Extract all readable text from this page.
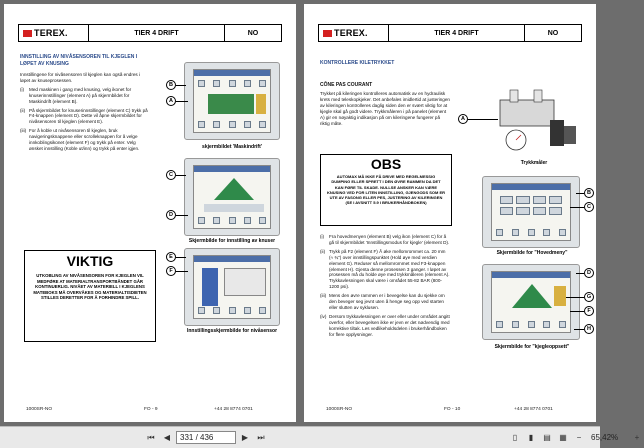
TEREX.	TIER 4 DRIFT	NO
INNSTILLING AV NIVÅSENSOREN TIL KJEGLEN I LØPET AV KNUSING

Innstillingene for nivåsensoren til kjeglen kan også endres i løpet av knuseprosessen.

(i)	Med maskinen i gang med knusing, velg ikonet for knuserinnstillinger (element A) på skjermbildet for Maskindrift (element B).
(ii) På skjermbildet for knuserinnstillinger (element C) trykk på F4-knappen (element D). Dette vil åpne skjermbildet for nivåsensoren til kjeglen (element E).
(iii) For å koble ut nivåsensoren til kjeglen, bruk navigeringsknappene eller scrolleknappen for å velge innkoblingsikonet (element F) og trykk på enter. Velg ønsket innstilling (Koble ut/inn) og trykk på enter igjen.
B
A
skjermbildet 'Maskindrift'
C
D
Skjermbilde for innstilling av knuser
E
F
Innstillingsskjermbilde for nivåsensor
VIKTIG
UTKOBLING AV NIVÅSENSOREN FOR KJEGLEN VIL MEDFØRE AT MATERIALTRANSPORTBÅNDET GÅR KONTINUERLIG. NIVÅET AV MATERIELL I KJEGLENS MATEBOKS MÅ OVERVÅKES OG MATERIALTISDIETEN STILLES DERETTER FOR Å FORHINDRE SPILL.
1000SR-NO	FO - 9	+44 28 8774 0701
TEREX.	TIER 4 DRIFT	NO
KONTROLLERE KILETRYKKET
CÔNE PAS COURANT
Trykket på kileringen kontrolleres automatisk av en hydraulisk krets med teleskopkjeker. Det anbefales imidlertid at justeringen av kileringen kontrolleres daglig siden den er svært viktig for at kjegle skal gå godt videre. Trykkmåleren i på panelet (element A) gir en nøyaktig indikasjon på om kileringene fungerer på riktig måte.
OBS
AUTOMAX MÅ IKKE FÅ DRIVE MED REGELMESSIG DUMPING ELLER SPRETT I DEN ØVRE RAMMEN DA DET KAN FØRE TIL SKADE. NULLSE ANSKER KAN VÆRE KNUSING VED FOR LITEN INNSTILLING, GJENGODS SOM ER UTE AV FASONG ELLER PES, JUSTERING AV KILERINGEN (SE I AVSNITT 5.9 I BRUKERHÅNDBOKEN)
(i)	Fra hovedmenyen (element B) velg ikon (element C) for å gå til skjermbildet 'Innstillingsmodus for kjegle' (element D).
(ii) Trykk på F2 (element F) Å øke mellomrommet ca. 20 mm (≈ ¾") over innstillingspunktet (Hold øye med verdien element G). Reduser så mellomrommet med F3-knappen (element H). Gjenta denne prosessen 3 ganger. I løpet av prosessen må du holde øye med trykkmåleren (element A). Trykkavlesningen skal være i området 55-82 BAR (800-1200 psi).
(iii) Mens den øvre rammen er i bevegelse kan du sjekke om den beveger seg jevnt uten å henge seg opp ved starten eller slutten av syklusen.
(iv) Dersom trykkavlesningen er over eller under området angitt overfor, eller bevegelsen ikke er jevn er det nødvendig med korrektive tiltak. Les vedlikeholdsdelen i brukerhåndboken for flere opplysninger.
A
Trykkmåler
B
C
Skjermbilde for "Hovedmeny"
D
G
F
H
Skjermbilde for "kjegleoppsett"
1000SR-NO	FO - 10	+44 28 8774 0701
⏮	◀	331 / 436	▶	⏭	▯	▮	▤	▦	−	65,42%	+
